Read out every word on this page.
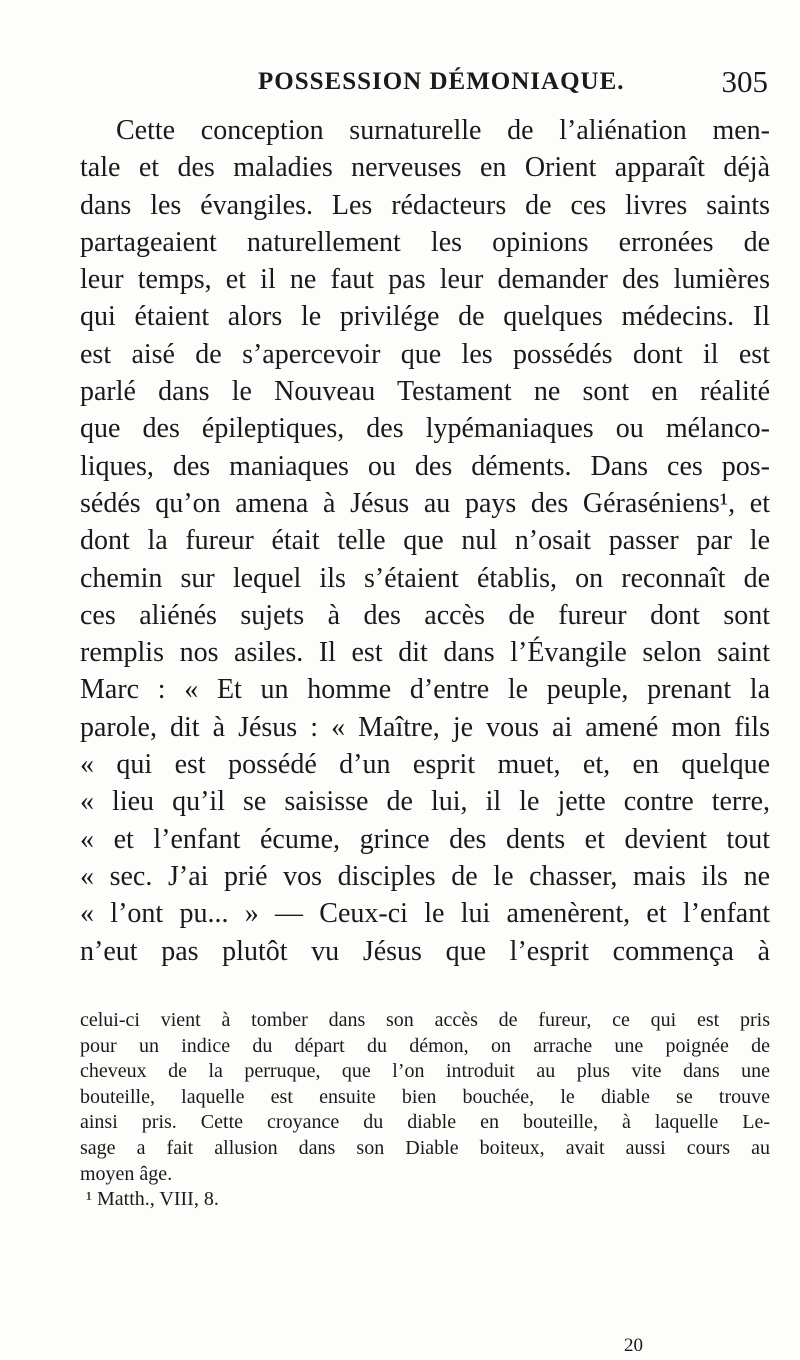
POSSESSION DÉMONIAQUE.	305
Cette conception surnaturelle de l’aliénation men-
tale et des maladies nerveuses en Orient apparaît déjà
dans les évangiles. Les rédacteurs de ces livres saints
partageaient naturellement les opinions erronées de
leur temps, et il ne faut pas leur demander des lumières
qui étaient alors le privilége de quelques médecins. Il
est aisé de s’apercevoir que les possédés dont il est
parlé dans le Nouveau Testament ne sont en réalité
que des épileptiques, des lypémaniaques ou mélanco-
liques, des maniaques ou des déments. Dans ces pos-
sédés qu’on amena à Jésus au pays des Géraséniens¹, et
dont la fureur était telle que nul n’osait passer par le
chemin sur lequel ils s’étaient établis, on reconnaît de
ces aliénés sujets à des accès de fureur dont sont
remplis nos asiles. Il est dit dans l’Évangile selon saint
Marc : « Et un homme d’entre le peuple, prenant la
parole, dit à Jésus : « Maître, je vous ai amené mon fils
« qui est possédé d’un esprit muet, et, en quelque
« lieu qu’il se saisisse de lui, il le jette contre terre,
« et l’enfant écume, grince des dents et devient tout
« sec. J’ai prié vos disciples de le chasser, mais ils ne
« l’ont pu... » — Ceux-ci le lui amenèrent, et l’enfant
n’eut pas plutôt vu Jésus que l’esprit commença à
celui-ci vient à tomber dans son accès de fureur, ce qui est pris
pour un indice du départ du démon, on arrache une poignée de
cheveux de la perruque, que l’on introduit au plus vite dans une
bouteille, laquelle est ensuite bien bouchée, le diable se trouve
ainsi pris. Cette croyance du diable en bouteille, à laquelle Le-
sage a fait allusion dans son Diable boiteux, avait aussi cours au
moyen âge.
¹ Matth., VIII, 8.
20
